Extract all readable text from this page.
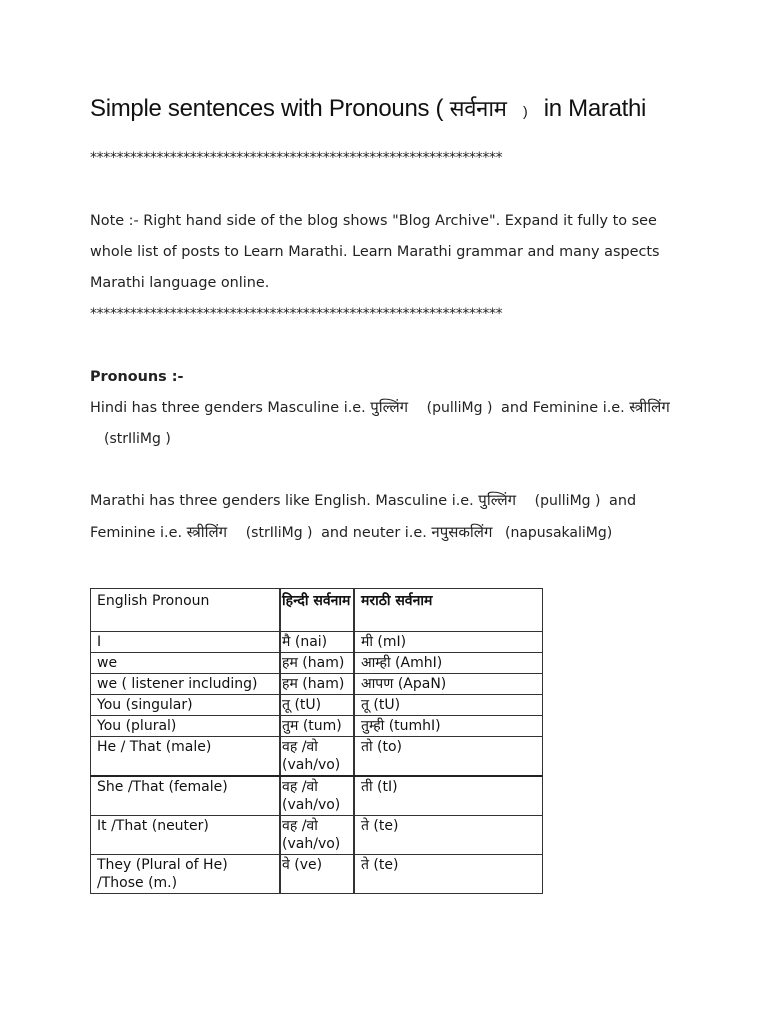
Simple sentences with Pronouns ( सर्वनाम ) in Marathi
**************************************************************
Note :- Right hand side of the blog shows "Blog Archive". Expand it fully to see whole list of posts to Learn Marathi. Learn Marathi grammar and many aspects Marathi language online.
**************************************************************
Pronouns :-
Hindi has three genders Masculine i.e. पुल्लिंग (pulliMg ) and Feminine i.e. स्त्रीलिंग (strIliMg )
Marathi has three genders like English. Masculine i.e. पुल्लिंग (pulliMg ) and Feminine i.e. स्त्रीलिंग (strIliMg ) and neuter i.e. नपुसकलिंग (napusakaliMg)
English Pronoun	हिन्दी सर्वनाम	मराठी सर्वनाम
I	मै (nai)	मी (mI)
we	हम (ham)	आम्ही (AmhI)
we ( listener including)	हम (ham)	आपण (ApaN)
You (singular)	तू (tU)	तू (tU)
You (plural)	तुम (tum)	तुम्ही (tumhI)
He / That (male)	वह /वो (vah/vo)	तो (to)
She /That (female)	वह /वो (vah/vo)	ती (tI)
It /That (neuter)	वह /वो (vah/vo)	ते (te)
They (Plural of He) /Those (m.)	वे (ve)	ते (te)
